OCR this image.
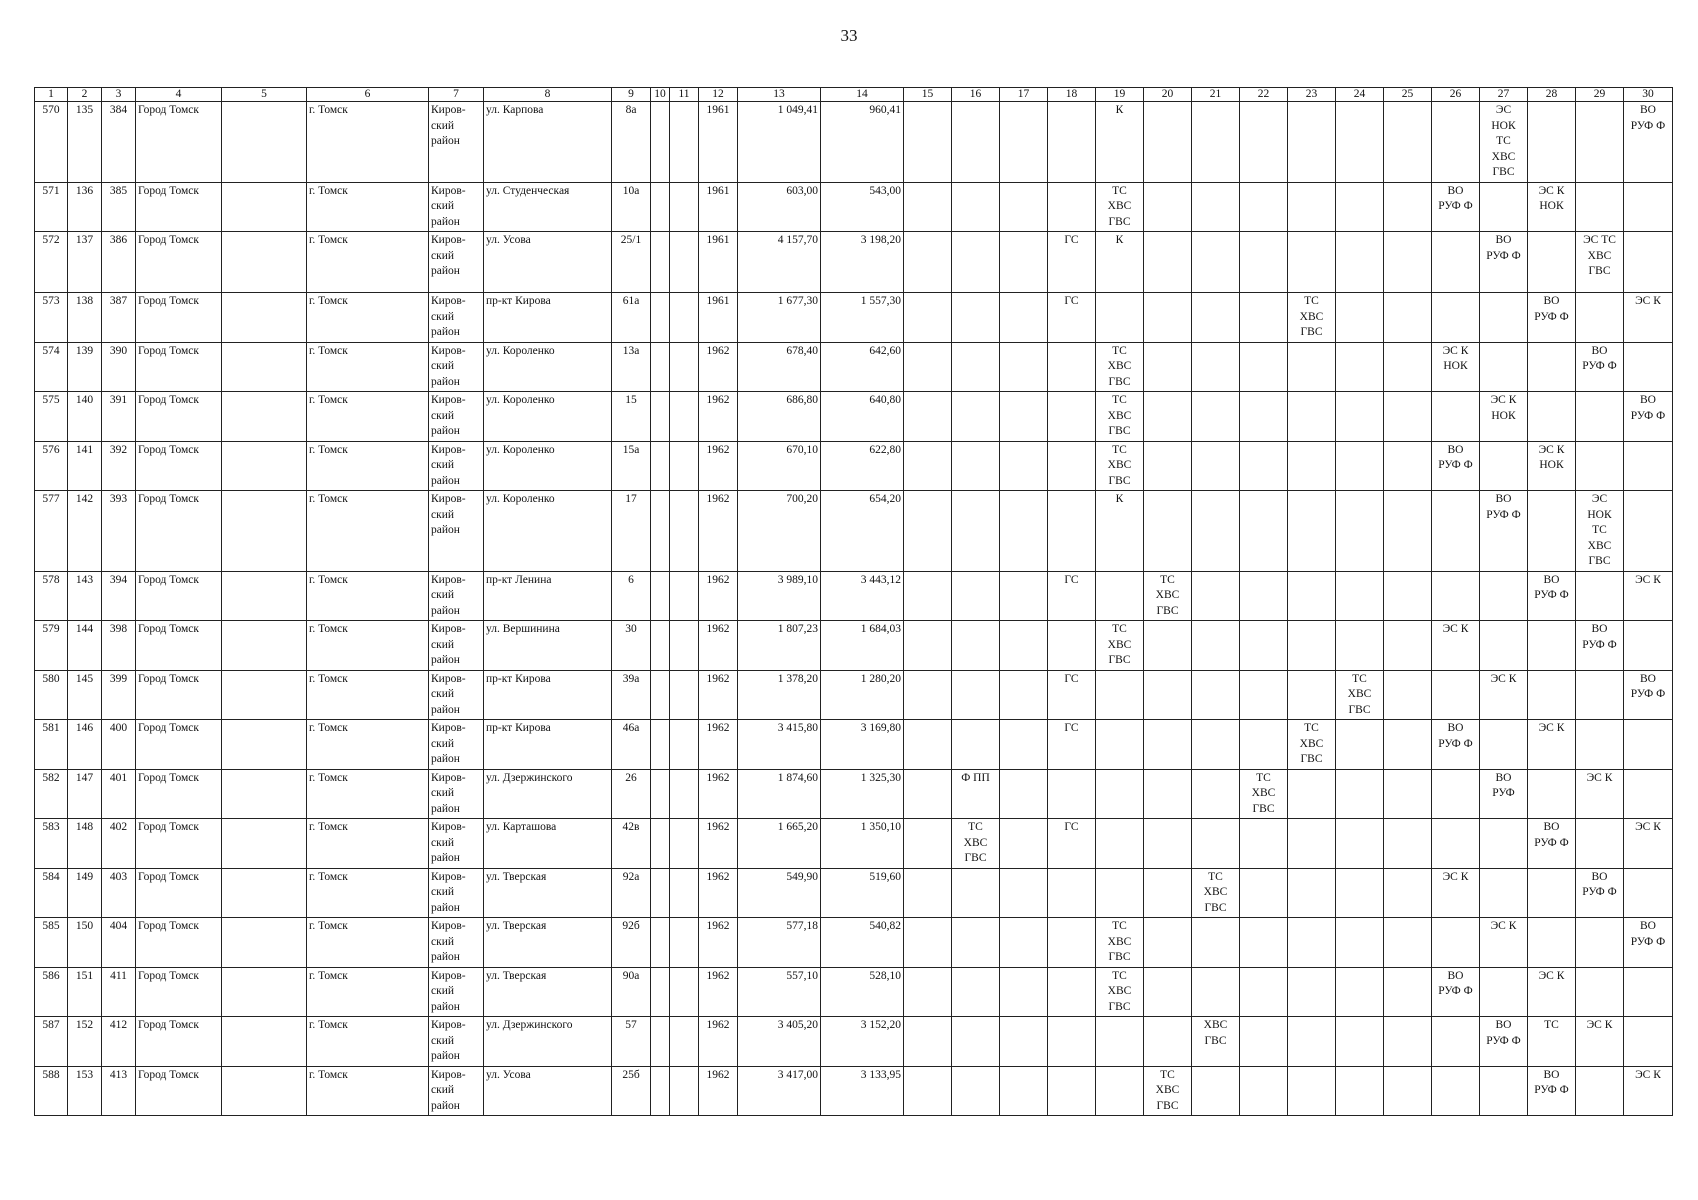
33
1	2	3	4	5	6	7	8	9	10	11	12	13	14	15	16	17	18	19	20	21	22	23	24	25	26	27	28	29	30
570	135	384	Город Томск		г. Томск	Киров-
ский
район	ул. Карпова	8а			1961	1 049,41	960,41					К								ЭС
НОК
ТС
ХВС
ГВС			ВО
РУФ Ф
571	136	385	Город Томск		г. Томск	Киров-
ский
район	ул. Студенческая	10а			1961	603,00	543,00					ТС
ХВС
ГВС							ВО
РУФ Ф		ЭС К
НОК		
572	137	386	Город Томск		г. Томск	Киров-
ский
район	ул. Усова	25/1			1961	4 157,70	3 198,20				ГС	К								ВО
РУФ Ф		ЭС ТС
ХВС
ГВС	
573	138	387	Город Томск		г. Томск	Киров-
ский
район	пр-кт Кирова	61а			1961	1 677,30	1 557,30				ГС					ТС
ХВС
ГВС					ВО
РУФ Ф		ЭС К
574	139	390	Город Томск		г. Томск	Киров-
ский
район	ул. Короленко	13а			1962	678,40	642,60					ТС
ХВС
ГВС							ЭС К
НОК			ВО
РУФ Ф	
575	140	391	Город Томск		г. Томск	Киров-
ский
район	ул. Короленко	15			1962	686,80	640,80					ТС
ХВС
ГВС								ЭС К
НОК			ВО
РУФ Ф
576	141	392	Город Томск		г. Томск	Киров-
ский
район	ул. Короленко	15а			1962	670,10	622,80					ТС
ХВС
ГВС							ВО
РУФ Ф		ЭС К
НОК		
577	142	393	Город Томск		г. Томск	Киров-
ский
район	ул. Короленко	17			1962	700,20	654,20					К								ВО
РУФ Ф		ЭС
НОК
ТС
ХВС
ГВС	
578	143	394	Город Томск		г. Томск	Киров-
ский
район	пр-кт Ленина	6			1962	3 989,10	3 443,12				ГС		ТС
ХВС
ГВС								ВО
РУФ Ф		ЭС К
579	144	398	Город Томск		г. Томск	Киров-
ский
район	ул. Вершинина	30			1962	1 807,23	1 684,03					ТС
ХВС
ГВС							ЭС К			ВО
РУФ Ф	
580	145	399	Город Томск		г. Томск	Киров-
ский
район	пр-кт Кирова	39а			1962	1 378,20	1 280,20				ГС						ТС
ХВС
ГВС			ЭС К			ВО
РУФ Ф
581	146	400	Город Томск		г. Томск	Киров-
ский
район	пр-кт Кирова	46а			1962	3 415,80	3 169,80				ГС					ТС
ХВС
ГВС			ВО
РУФ Ф		ЭС К		
582	147	401	Город Томск		г. Томск	Киров-
ский
район	ул. Дзержинского	26			1962	1 874,60	1 325,30		Ф ПП						ТС
ХВС
ГВС					ВО
РУФ		ЭС К	
583	148	402	Город Томск		г. Томск	Киров-
ский
район	ул. Карташова	42в			1962	1 665,20	1 350,10		ТС
ХВС
ГВС		ГС										ВО
РУФ Ф		ЭС К
584	149	403	Город Томск		г. Томск	Киров-
ский
район	ул. Тверская	92а			1962	549,90	519,60							ТС
ХВС
ГВС					ЭС К			ВО
РУФ Ф	
585	150	404	Город Томск		г. Томск	Киров-
ский
район	ул. Тверская	92б			1962	577,18	540,82					ТС
ХВС
ГВС								ЭС К			ВО
РУФ Ф
586	151	411	Город Томск		г. Томск	Киров-
ский
район	ул. Тверская	90а			1962	557,10	528,10					ТС
ХВС
ГВС							ВО
РУФ Ф		ЭС К		
587	152	412	Город Томск		г. Томск	Киров-
ский
район	ул. Дзержинского	57			1962	3 405,20	3 152,20							ХВС
ГВС						ВО
РУФ Ф	ТС	ЭС К	
588	153	413	Город Томск		г. Томск	Киров-
ский
район	ул. Усова	25б			1962	3 417,00	3 133,95						ТС
ХВС
ГВС								ВО
РУФ Ф		ЭС К
